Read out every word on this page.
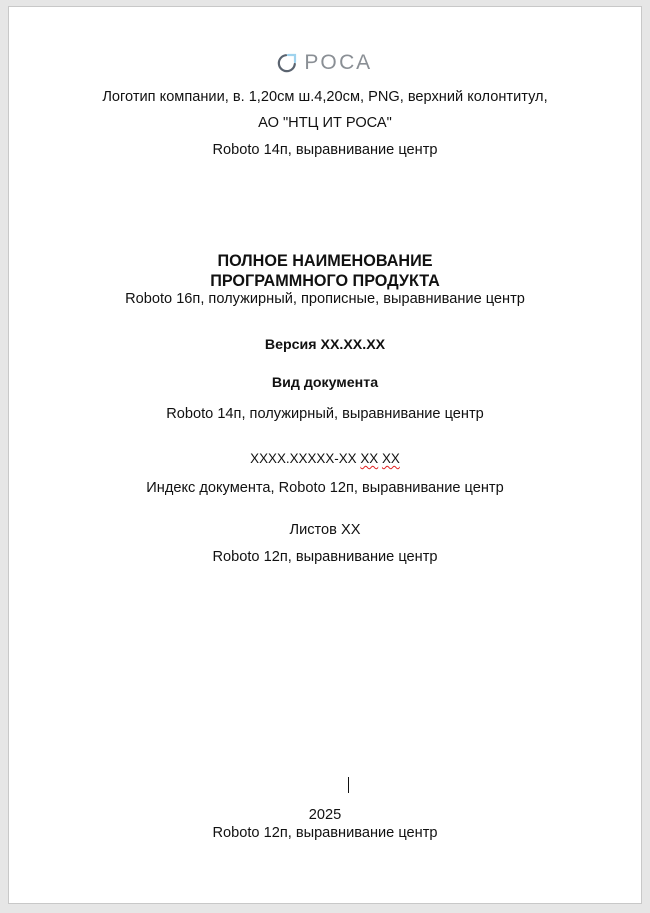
РОСА
Логотип компании, в. 1,20см ш.4,20см, PNG, верхний колонтитул,
АО "НТЦ ИТ РОСА"
Roboto 14п, выравнивание центр
ПОЛНОЕ НАИМЕНОВАНИЕ
ПРОГРАММНОГО ПРОДУКТА
Roboto 16п, полужирный, прописные, выравнивание центр
Версия XX.XX.XX
Вид документа
Roboto 14п, полужирный, выравнивание центр
XXXX.XXXXX-XX XX XX
Индекс документа, Roboto 12п, выравнивание центр
Листов XX
Roboto 12п, выравнивание центр
2025
Roboto 12п, выравнивание центр
